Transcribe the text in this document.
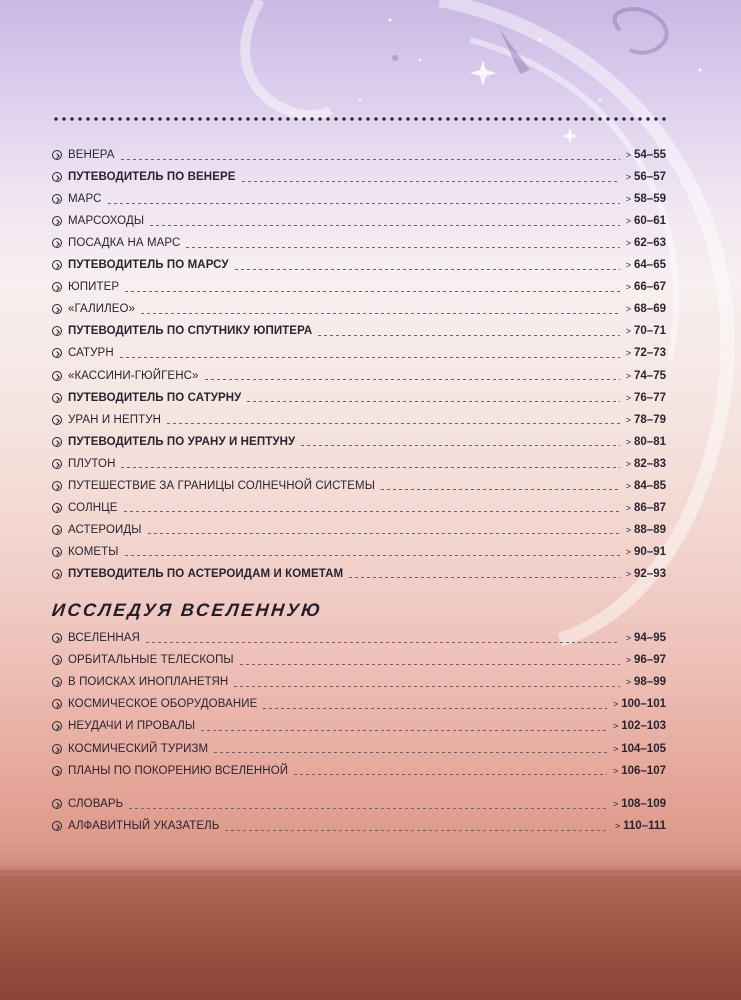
ВЕНЕРА	> 54–55
ПУТЕВОДИТЕЛЬ ПО ВЕНЕРЕ	> 56–57
МАРС	> 58–59
МАРСОХОДЫ	> 60–61
ПОСАДКА НА МАРС	> 62–63
ПУТЕВОДИТЕЛЬ ПО МАРСУ	> 64–65
ЮПИТЕР	> 66–67
«ГАЛИЛЕО»	> 68–69
ПУТЕВОДИТЕЛЬ ПО СПУТНИКУ ЮПИТЕРА	> 70–71
САТУРН	> 72–73
«КАССИНИ-ГЮЙГЕНС»	> 74–75
ПУТЕВОДИТЕЛЬ ПО САТУРНУ	> 76–77
УРАН И НЕПТУН	> 78–79
ПУТЕВОДИТЕЛЬ ПО УРАНУ И НЕПТУНУ	> 80–81
ПЛУТОН	> 82–83
ПУТЕШЕСТВИЕ ЗА ГРАНИЦЫ СОЛНЕЧНОЙ СИСТЕМЫ	> 84–85
СОЛНЦЕ	> 86–87
АСТЕРОИДЫ	> 88–89
КОМЕТЫ	> 90–91
ПУТЕВОДИТЕЛЬ ПО АСТЕРОИДАМ И КОМЕТАМ	> 92–93
ИССЛЕДУЯ ВСЕЛЕННУЮ
ВСЕЛЕННАЯ	> 94–95
ОРБИТАЛЬНЫЕ ТЕЛЕСКОПЫ	> 96–97
В ПОИСКАХ ИНОПЛАНЕТЯН	> 98–99
КОСМИЧЕСКОЕ ОБОРУДОВАНИЕ	> 100–101
НЕУДАЧИ И ПРОВАЛЫ	> 102–103
КОСМИЧЕСКИЙ ТУРИЗМ	> 104–105
ПЛАНЫ ПО ПОКОРЕНИЮ ВСЕЛЕННОЙ	> 106–107
СЛОВАРЬ	> 108–109
АЛФАВИТНЫЙ УКАЗАТЕЛЬ	> 110–111
